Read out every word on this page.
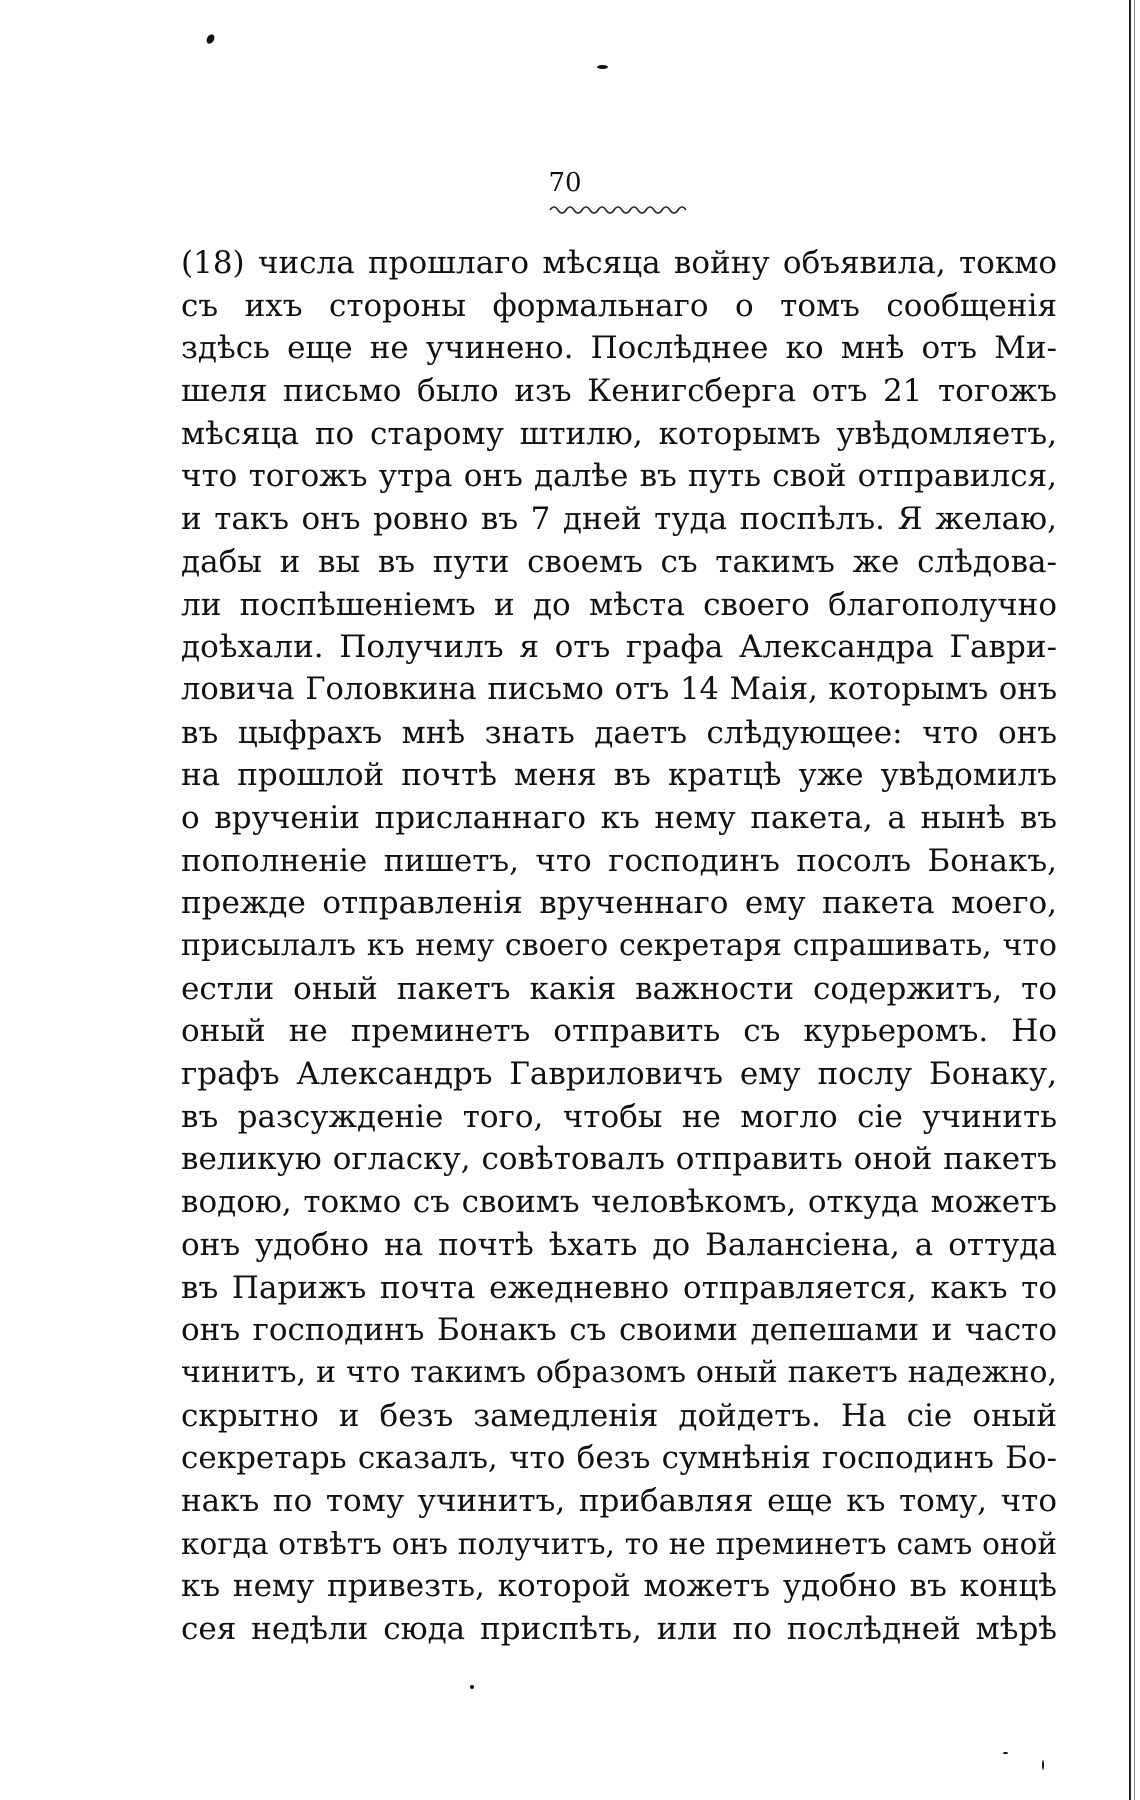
70
(18) числа прошлаго мѣсяца войну объявила, токмо
съ ихъ стороны формальнаго о томъ сообщенія
здѣсь еще не учинено. Послѣднее ко мнѣ отъ Ми-
шеля письмо было изъ Кенигсберга отъ 21 тогожъ
мѣсяца по старому штилю, которымъ увѣдомляетъ,
что тогожъ утра онъ далѣе въ путь свой отправился,
и такъ онъ ровно въ 7 дней туда поспѣлъ. Я желаю,
дабы и вы въ пути своемъ съ такимъ же слѣдова-
ли поспѣшеніемъ и до мѣста своего благополучно
доѣхали. Получилъ я отъ графа Александра Гаври-
ловича Головкина письмо отъ 14 Маія, которымъ онъ
въ цыфрахъ мнѣ знать даетъ слѣдующее: что онъ
на прошлой почтѣ меня въ кратцѣ уже увѣдомилъ
о врученіи присланнаго къ нему пакета, а нынѣ въ
пополненіе пишетъ, что господинъ посолъ Бонакъ,
прежде отправленія врученнаго ему пакета моего,
присылалъ къ нему своего секретаря спрашивать, что
естли оный пакетъ какія важности содержитъ, то
оный не преминетъ отправить съ курьеромъ. Но
графъ Александръ Гавриловичъ ему послу Бонаку,
въ разсужденіе того, чтобы не могло сіе учинить
великую огласку, совѣтовалъ отправить оной пакетъ
водою, токмо съ своимъ человѣкомъ, откуда можетъ
онъ удобно на почтѣ ѣхать до Валансіена, а оттуда
въ Парижъ почта ежедневно отправляется, какъ то
онъ господинъ Бонакъ съ своими депешами и часто
чинитъ, и что такимъ образомъ оный пакетъ надежно,
скрытно и безъ замедленія дойдетъ. На сіе оный
секретарь сказалъ, что безъ сумнѣнія господинъ Бо-
накъ по тому учинитъ, прибавляя еще къ тому, что
когда отвѣтъ онъ получитъ, то не преминетъ самъ оной
къ нему привезть, которой можетъ удобно въ концѣ
сея недѣли сюда приспѣть, или по послѣдней мѣрѣ
